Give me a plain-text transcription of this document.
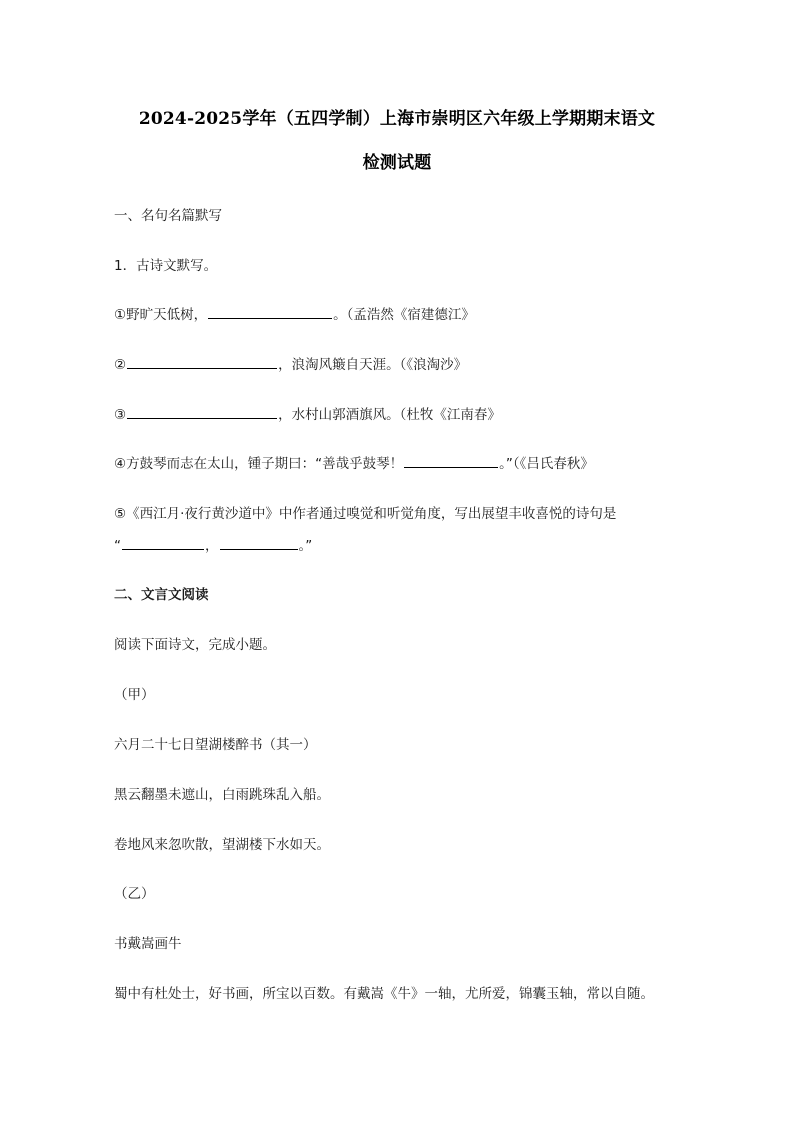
2024-2025学年（五四学制）上海市崇明区六年级上学期期末语文
检测试题
一、名句名篇默写
1．古诗文默写。
①野旷天低树，	。（孟浩然《宿建德江》
②	，浪淘风簸自天涯。（《浪淘沙》
③	，水村山郭酒旗风。（杜牧《江南春》
④方鼓琴而志在太山，锺子期曰：“善哉乎鼓琴！	。”（《吕氏春秋》
⑤《西江月·夜行黄沙道中》中作者通过嗅觉和听觉角度，写出展望丰收喜悦的诗句是
“	，	。”
二、文言文阅读
阅读下面诗文，完成小题。
（甲）
六月二十七日望湖楼醉书（其一）
黑云翻墨未遮山，白雨跳珠乱入船。
卷地风来忽吹散，望湖楼下水如天。
（乙）
书戴嵩画牛
蜀中有杜处士，好书画，所宝以百数。有戴嵩《牛》一轴，尤所爱，锦囊玉轴，常以自随。
